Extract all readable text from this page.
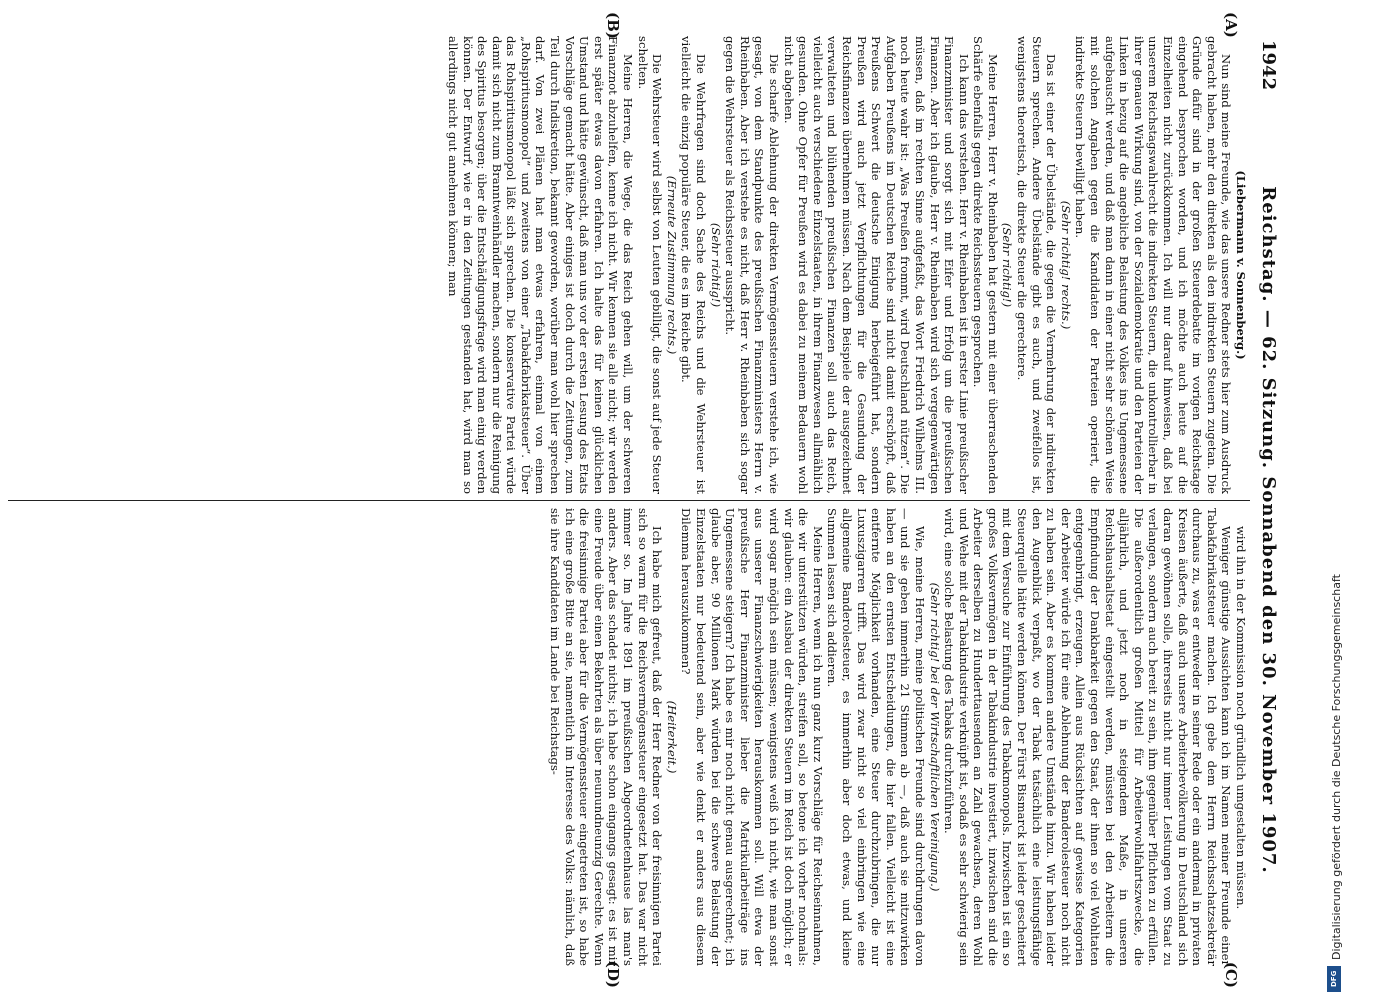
1942
Reichstag. — 62. Sitzung. Sonnabend den 30. November 1907.
(A)
(B)
(C)
(D)

(Liebermann v. Sonnenberg.)

Nun sind meine Freunde, wie das unsere Redner stets hier zum Ausdruck gebracht haben, mehr den direkten als den indirekten Steuern zugetan. Die Gründe dafür sind in der großen Steuerdebatte im vorigen Reichstage eingehend besprochen worden, und ich möchte auch heute auf die Einzelheiten nicht zurückkommen. Ich will nur darauf hinweisen, daß bei unserem Reichstagswahlrecht die indirekten Steuern, die unkontrollierbar in ihrer genauen Wirkung sind, von der Sozialdemokratie und den Parteien der Linken in bezug auf die angebliche Belastung des Volkes ins Ungemessene aufgebauscht werden, und daß man dann in einer nicht sehr schönen Weise mit solchen Angaben gegen die Kandidaten der Parteien operiert, die indirekte Steuern bewilligt haben.

(Sehr richtig! rechts.)

Das ist einer der Übelstände, die gegen die Vermehrung der indirekten Steuern sprechen. Andere Übelstände gibt es auch, und zweifellos ist, wenigstens theoretisch, die direkte Steuer die gerechtere.

(Sehr richtig!)

Meine Herren, Herr v. Rheinbaben hat gestern mit einer überraschenden Schärfe ebenfalls gegen direkte Reichssteuern gesprochen.

Ich kann das verstehen. Herr v. Rheinbaben ist in erster Linie preußischer Finanzminister und sorgt sich mit Eifer und Erfolg um die preußischen Finanzen. Aber ich glaube, Herr v. Rheinbaben wird sich vergegenwärtigen müssen, daß im rechten Sinne aufgefaßt, das Wort Friedrich Wilhelms III. noch heute wahr ist: „Was Preußen frommt, wird Deutschland nützen“. Die Aufgaben Preußens im Deutschen Reiche sind nicht damit erschöpft, daß Preußens Schwert die deutsche Einigung herbeigeführt hat, sondern Preußen wird auch jetzt Verpflichtungen für die Gesundung der Reichsfinanzen übernehmen müssen. Nach dem Beispiele der ausgezeichnet verwalteten und blühenden preußischen Finanzen soll auch das Reich, vielleicht auch verschiedene Einzelstaaten, in ihrem Finanzwesen allmählich gesunden. Ohne Opfer für Preußen wird es dabei zu meinem Bedauern wohl nicht abgehen.

Die scharfe Ablehnung der direkten Vermögenssteuern verstehe ich, wie gesagt, von dem Standpunkte des preußischen Finanzministers Herrn v. Rheinbaben. Aber ich verstehe es nicht, daß Herr v. Rheinbaben sich sogar gegen die Wehrsteuer als Reichssteuer ausspricht.

(Sehr richtig!)

Die Wehrfragen sind doch Sache des Reichs und die Wehrsteuer ist vielleicht die einzig populäre Steuer, die es im Reiche gibt.

(Erneute Zustimmung rechts.)

Die Wehrsteuer wird selbst von Leuten gebilligt, die sonst auf jede Steuer schelten.

Meine Herren, die Wege, die das Reich gehen will, um der schweren Finanznot abzuhelfen, kenne ich nicht. Wir kennen sie alle nicht; wir werden erst später etwas davon erfahren. Ich halte das für keinen glücklichen Umstand und hätte gewünscht, daß man uns vor der ersten Lesung des Etats Vorschläge gemacht hätte. Aber einiges ist doch durch die Zeitungen, zum Teil durch Indiskretion, bekannt geworden, worüber man wohl hier sprechen darf. Von zwei Plänen hat man etwas erfahren, einmal von einem „Rohspiritusmonopol“ und zweitens von einer „Tabakfabrikatsteuer“. Über das Rohspiritusmonopol läßt sich sprechen. Die konservative Partei würde damit sich nicht zum Branntweinhändler machen, sondern nur die Reinigung des Spiritus besorgen; über die Entschädigungsfrage wird man einig werden können. Der Entwurf, wie er in den Zeitungen gestanden hat, wird man so allerdings nicht gut annehmen können; man

wird ihn in der Kommission noch gründlich umgestalten müssen.

Weniger günstige Aussichten kann ich im Namen meiner Freunde einer Tabakfabrikatsteuer machen. Ich gebe dem Herrn Reichsschatzsekretär durchaus zu, was er entweder in seiner Rede oder ein andermal in privaten Kreisen äußerte, daß auch unsere Arbeiterbevölkerung in Deutschland sich daran gewöhnen solle, ihrerseits nicht nur immer Leistungen vom Staat zu verlangen, sondern auch bereit zu sein, ihm gegenüber Pflichten zu erfüllen. Die außerordentlich großen Mittel für Arbeiterwohlfahrtszwecke, die alljährlich, und jetzt noch in steigendem Maße, in unseren Reichshaushaltsetat eingestellt werden, müssten bei den Arbeitern die Empfindung der Dankbarkeit gegen den Staat, der ihnen so viel Wohltaten entgegenbringt, erzeugen. Allein aus Rücksichten auf gewisse Kategorien der Arbeiter würde ich für eine Ablehnung der Banderolesteuer noch nicht zu haben sein. Aber es kommen andere Umstände hinzu. Wir haben leider den Augenblick verpaßt, wo der Tabak tatsächlich eine leistungsfähige Steuerquelle hätte werden können. Der Fürst Bismarck ist leider gescheitert mit dem Versuche zur Einführung des Tabakmonopols. Inzwischen ist ein so großes Volksvermögen in der Tabakindustrie investiert, inzwischen sind die Arbeiter derselben zu Hunderttausenden an Zahl gewachsen, deren Wohl und Wehe mit der Tabakindustrie verknüpft ist, sodaß es sehr schwierig sein wird, eine solche Belastung des Tabaks durchzuführen.

(Sehr richtig! bei der Wirtschaftlichen Vereinigung.)

Wie, meine Herren, meine politischen Freunde sind durchdrungen davon — und sie geben immerhin 21 Stimmen ab —, daß auch sie mitzuwirken haben an den ernsten Entscheidungen, die hier fallen. Vielleicht ist eine entfernte Möglichkeit vorhanden, eine Steuer durchzubringen, die nur Luxuszigarren trifft. Das wird zwar nicht so viel einbringen wie eine allgemeine Banderolesteuer, es immerhin aber doch etwas, und kleine Summen lassen sich addieren.

Meine Herren, wenn ich nun ganz kurz Vorschläge für Reichseinnahmen, die wir unterstützen würden, streifen soll, so betone ich vorher nochmals: wir glauben: ein Ausbau der direkten Steuern im Reich ist doch möglich; er wird sogar möglich sein müssen; wenigstens weiß ich nicht, wie man sonst aus unserer Finanzschwierigkeiten herauskommen soll. Will etwa der preußische Herr Finanzminister lieber die Matrikularbeiträge ins Ungemessene steigern? Ich habe es mir noch nicht genau ausgerechnet; ich glaube aber, 90 Millionen Mark würden bei die schwere Belastung der Einzelstaaten nur bedeutend sein, aber wie denkt er anders aus diesem Dilemma herauszukommen?

(Heiterkeit.)

Ich habe mich gefreut, daß der Herr Redner von der freisinnigen Partei sich so warm für die Reichsvermögenssteuer eingesetzt hat. Das war nicht immer so. Im Jahre 1891 im preußischen Abgeordnetenhause las man's anders. Aber das schadet nichts; ich habe schon eingangs gesagt: es ist mir eine Freude über einen Bekehrten als über neunundneunzig Gerechte. Wenn die freisinnige Partei aber für die Vermögenssteuer eingetreten ist, so habe ich eine große Bitte an sie, namentlich im Interesse des Volks: nämlich, daß sie ihre Kandidaten im Lande bei Reichstags-	Digitalisierung gefördert durch die Deutsche Forschungsgemeinschaft
DFG
